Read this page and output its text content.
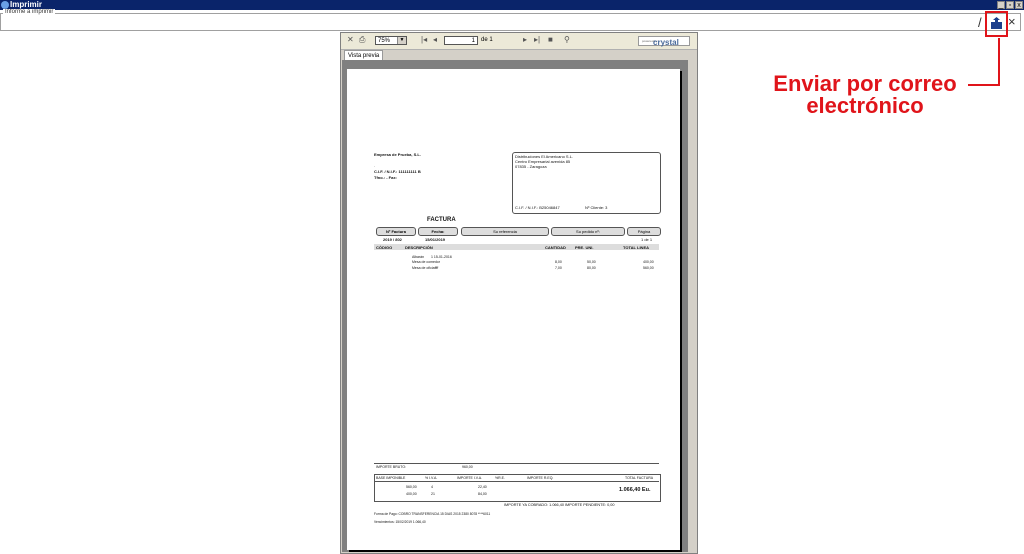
Imprimir	_ ▫ x
Informe a imprimir
/ ×
Enviar por correo
electrónico
✕ ⎙	75%	▼ |◂ ◂	1	de 1	▸ ▸| ■ ⚲	powered by
crystal
Vista previa
Empresa de Prueba, S.L.
.
C.I.F. / N.I.F.: 111111111 B
Tfno.: - Fax:
Distribuciones El Americano S.L.
Centro Empresarial avenida 85
07835 - Zaragoza
C.I.F. / N.I.F.: B25046847	Nº Cliente: 3
FACTURA
Nº Factura	Fecha:	Su referencia	Su pedido nº:	Página
2019 / 802	15/01/2019	1 de 1
CÓDIGO	DESCRIPCIÓN	CANTIDAD PRE. UNI.	TOTAL LINEA
Albarán 1 15-01-2016
Mesa de comedor	8,00	50,00	400,00
Mesa de ofici​affff	7,00	80,00	560,00
IMPORTE BRUTO:	960,00
BASE IMPONIBLE	% I.V.A.	IMPORTE I.V.A.	%R.E.	IMPORTE R.EQ.	TOTAL FACTURA
560,00	4	22,40
400,00	21	84,00
1.066,40 Eu.
IMPORTE YA COBRADO: 1.066,40 IMPORTE PENDIENTE: 0,00
Forma de Pago: COBRO TRANSFERENCIA 15 DIAS 2015 2380 8078 ****6011
Vencimientos: 15/02/2019 1.066,40
